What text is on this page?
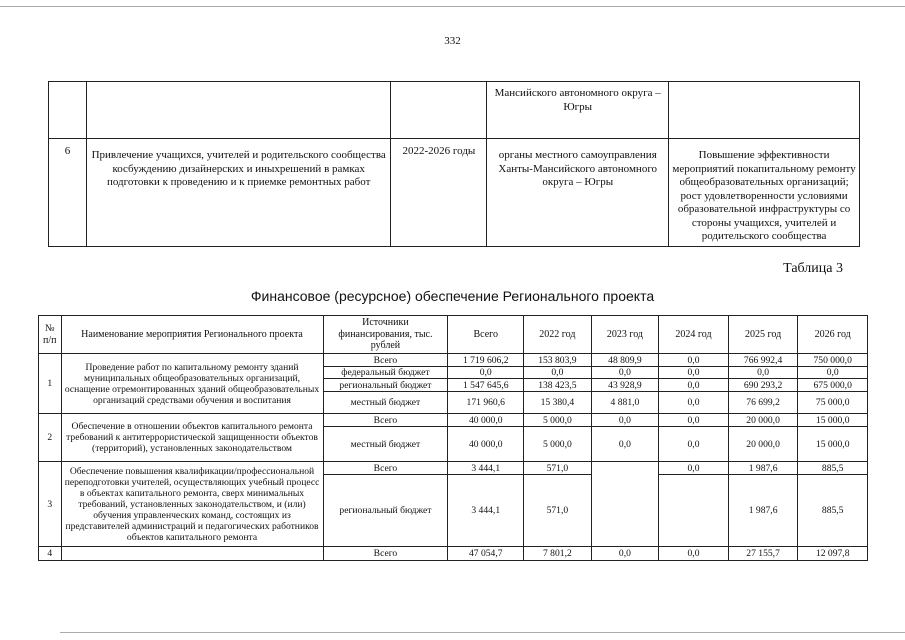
332
			Мансийского автономного округа – Югры	
6	Привлечение учащихся, учителей и родительского сообщества косбуждению дизайнерских и иныхрешений в рамках подготовки к проведению и к приемке ремонтных работ	2022-2026 годы	органы местного самоуправления Ханты-Мансийского автономного округа – Югры	Повышение эффективности мероприятий покапитальному ремонту общеобразовательных организаций; рост удовлетворенности условиями образовательной инфраструктуры со стороны учащихся, учителей и родительского сообщества
Таблица 3
Финансовое (ресурсное) обеспечение Регионального проекта
№ п/п	Наименование мероприятия Регионального проекта	Источники финансирования, тыс. рублей	Всего	2022 год	2023 год	2024 год	2025 год	2026 год
1	Проведение работ по капитальному ремонту зданий муниципальных общеобразовательных организаций, оснащение отремонтированных зданий общеобразовательных организаций средствами обучения и воспитания	Всего	1 719 606,2	153 803,9	48 809,9	0,0	766 992,4	750 000,0
		федеральный бюджет	0,0	0,0	0,0	0,0	0,0	0,0
		региональный бюджет	1 547 645,6	138 423,5	43 928,9	0,0	690 293,2	675 000,0
		местный бюджет	171 960,6	15 380,4	4 881,0	0,0	76 699,2	75 000,0
2	Обеспечение в отношении объектов капитального ремонта требований к антитеррористической защищенности объектов (территорий), установленных законодательством	Всего	40 000,0	5 000,0	0,0	0,0	20 000,0	15 000,0
		местный бюджет	40 000,0	5 000,0	0,0	0,0	20 000,0	15 000,0
3	Обеспечение повышения квалификации/профессиональной переподготовки учителей, осуществляющих учебный процесс в объектах капитального ремонта, сверх минимальных требований, установленных законодательством, и (или) обучения управленческих команд, состоящих из представителей администраций и педагогических работников объектов капитального ремонта	Всего	3 444,1	571,0		0,0	1 987,6	885,5
		региональный бюджет	3 444,1	571,0			1 987,6	885,5
4		Всего	47 054,7	7 801,2	0,0	0,0	27 155,7	12 097,8
